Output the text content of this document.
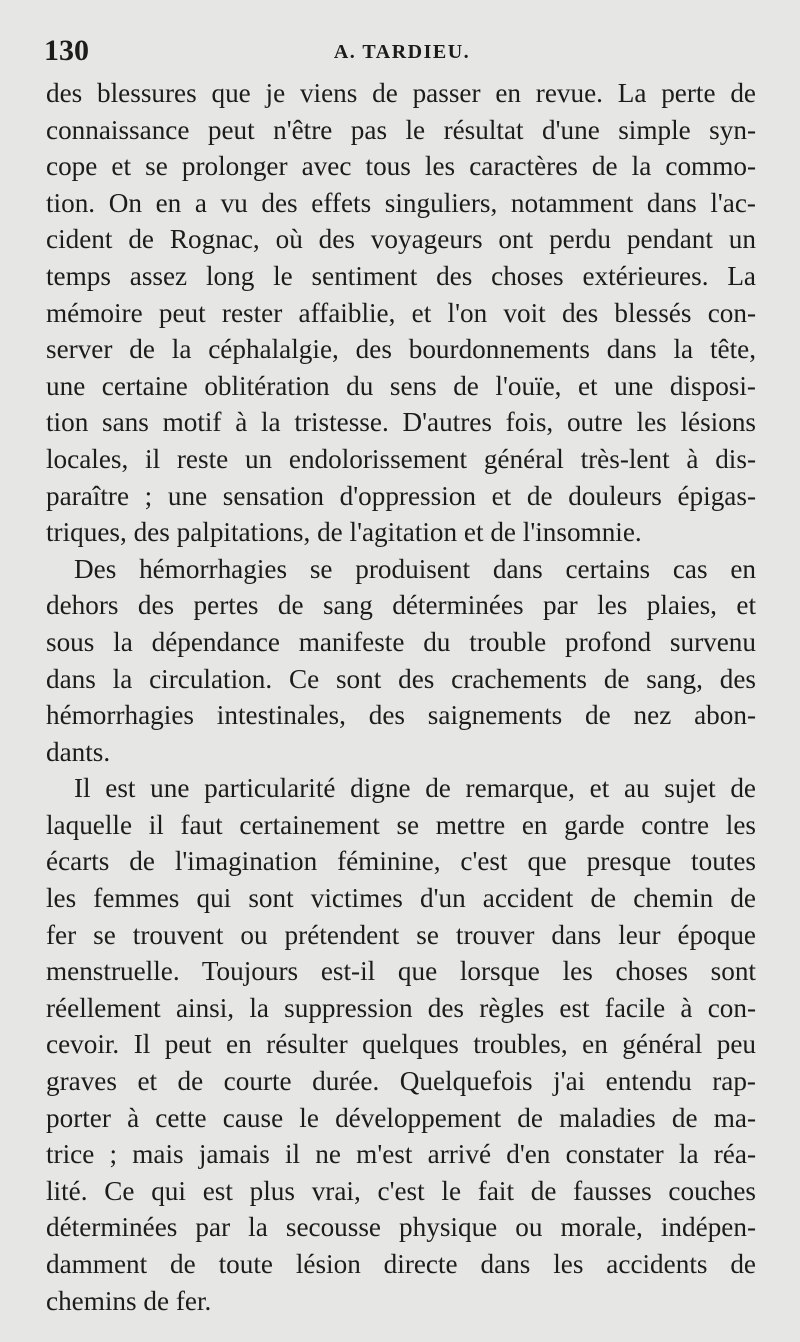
130	A. TARDIEU.
des blessures que je viens de passer en revue. La perte de
connaissance peut n'être pas le résultat d'une simple syn-
cope et se prolonger avec tous les caractères de la commo-
tion. On en a vu des effets singuliers, notamment dans l'ac-
cident de Rognac, où des voyageurs ont perdu pendant un
temps assez long le sentiment des choses extérieures. La
mémoire peut rester affaiblie, et l'on voit des blessés con-
server de la céphalalgie, des bourdonnements dans la tête,
une certaine oblitération du sens de l'ouïe, et une disposi-
tion sans motif à la tristesse. D'autres fois, outre les lésions
locales, il reste un endolorissement général très-lent à dis-
paraître ; une sensation d'oppression et de douleurs épigas-
triques, des palpitations, de l'agitation et de l'insomnie.
Des hémorrhagies se produisent dans certains cas en
dehors des pertes de sang déterminées par les plaies, et
sous la dépendance manifeste du trouble profond survenu
dans la circulation. Ce sont des crachements de sang, des
hémorrhagies intestinales, des saignements de nez abon-
dants.
Il est une particularité digne de remarque, et au sujet de
laquelle il faut certainement se mettre en garde contre les
écarts de l'imagination féminine, c'est que presque toutes
les femmes qui sont victimes d'un accident de chemin de
fer se trouvent ou prétendent se trouver dans leur époque
menstruelle. Toujours est-il que lorsque les choses sont
réellement ainsi, la suppression des règles est facile à con-
cevoir. Il peut en résulter quelques troubles, en général peu
graves et de courte durée. Quelquefois j'ai entendu rap-
porter à cette cause le développement de maladies de ma-
trice ; mais jamais il ne m'est arrivé d'en constater la réa-
lité. Ce qui est plus vrai, c'est le fait de fausses couches
déterminées par la secousse physique ou morale, indépen-
damment de toute lésion directe dans les accidents de
chemins de fer.
